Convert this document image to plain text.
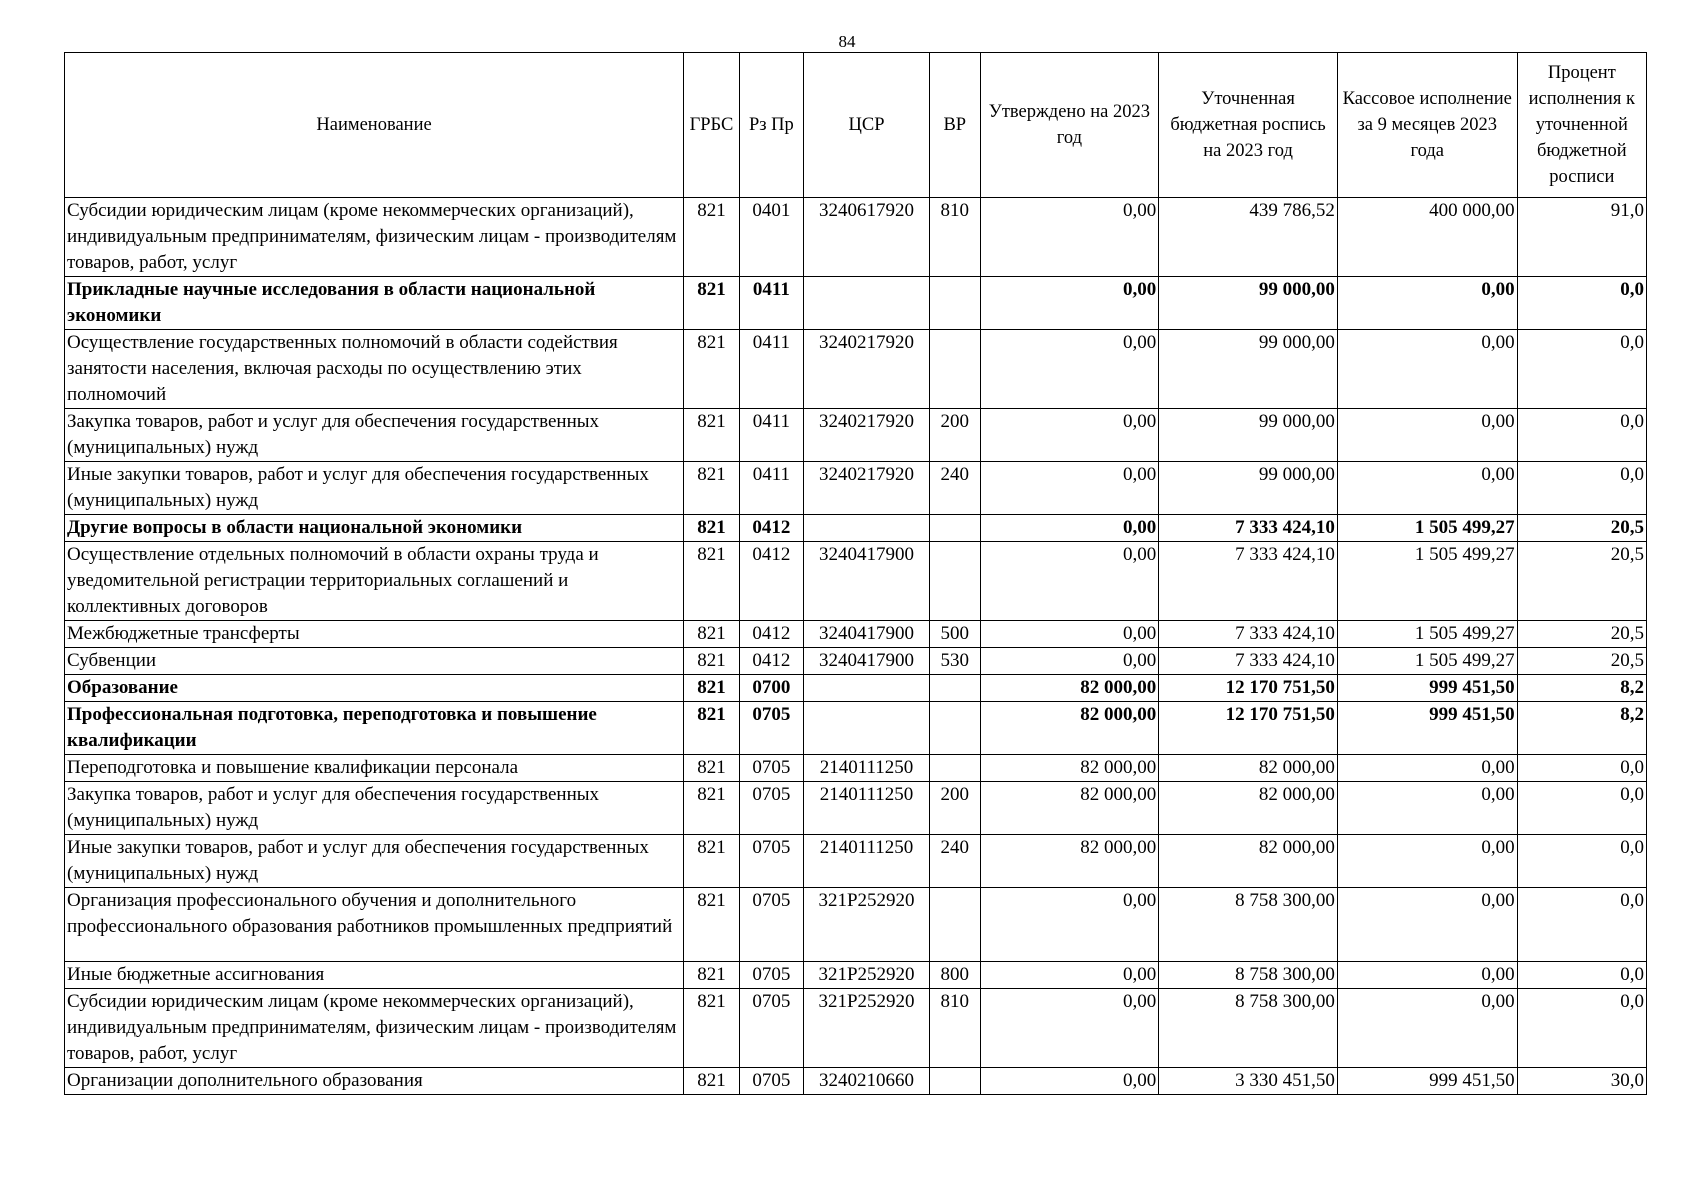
84
Наименование	ГРБС	Рз Пр	ЦСР	ВР	Утверждено на 2023 год	Уточненная бюджетная роспись на 2023 год	Кассовое исполнение за 9 месяцев 2023 года	Процент исполнения к уточненной бюджетной росписи
Субсидии юридическим лицам (кроме некоммерческих организаций), индивидуальным предпринимателям, физическим лицам - производителям товаров, работ, услуг	821	0401	3240617920	810	0,00	439 786,52	400 000,00	91,0
Прикладные научные исследования в области национальной экономики	821	0411			0,00	99 000,00	0,00	0,0
Осуществление государственных полномочий в области содействия занятости населения, включая расходы по осуществлению этих полномочий	821	0411	3240217920		0,00	99 000,00	0,00	0,0
Закупка товаров, работ и услуг для обеспечения государственных (муниципальных) нужд	821	0411	3240217920	200	0,00	99 000,00	0,00	0,0
Иные закупки товаров, работ и услуг для обеспечения государственных (муниципальных) нужд	821	0411	3240217920	240	0,00	99 000,00	0,00	0,0
Другие вопросы в области национальной экономики	821	0412			0,00	7 333 424,10	1 505 499,27	20,5
Осуществление отдельных полномочий в области охраны труда и уведомительной регистрации территориальных соглашений и коллективных договоров	821	0412	3240417900		0,00	7 333 424,10	1 505 499,27	20,5
Межбюджетные трансферты	821	0412	3240417900	500	0,00	7 333 424,10	1 505 499,27	20,5
Субвенции	821	0412	3240417900	530	0,00	7 333 424,10	1 505 499,27	20,5
Образование	821	0700			82 000,00	12 170 751,50	999 451,50	8,2
Профессиональная подготовка, переподготовка и повышение квалификации	821	0705			82 000,00	12 170 751,50	999 451,50	8,2
Переподготовка и повышение квалификации персонала	821	0705	2140111250		82 000,00	82 000,00	0,00	0,0
Закупка товаров, работ и услуг для обеспечения государственных (муниципальных) нужд	821	0705	2140111250	200	82 000,00	82 000,00	0,00	0,0
Иные закупки товаров, работ и услуг для обеспечения государственных (муниципальных) нужд	821	0705	2140111250	240	82 000,00	82 000,00	0,00	0,0
Организация профессионального обучения и дополнительного профессионального образования работников промышленных предприятий	821	0705	321P252920		0,00	8 758 300,00	0,00	0,0
Иные бюджетные ассигнования	821	0705	321P252920	800	0,00	8 758 300,00	0,00	0,0
Субсидии юридическим лицам (кроме некоммерческих организаций), индивидуальным предпринимателям, физическим лицам - производителям товаров, работ, услуг	821	0705	321P252920	810	0,00	8 758 300,00	0,00	0,0
Организации дополнительного образования	821	0705	3240210660		0,00	3 330 451,50	999 451,50	30,0
